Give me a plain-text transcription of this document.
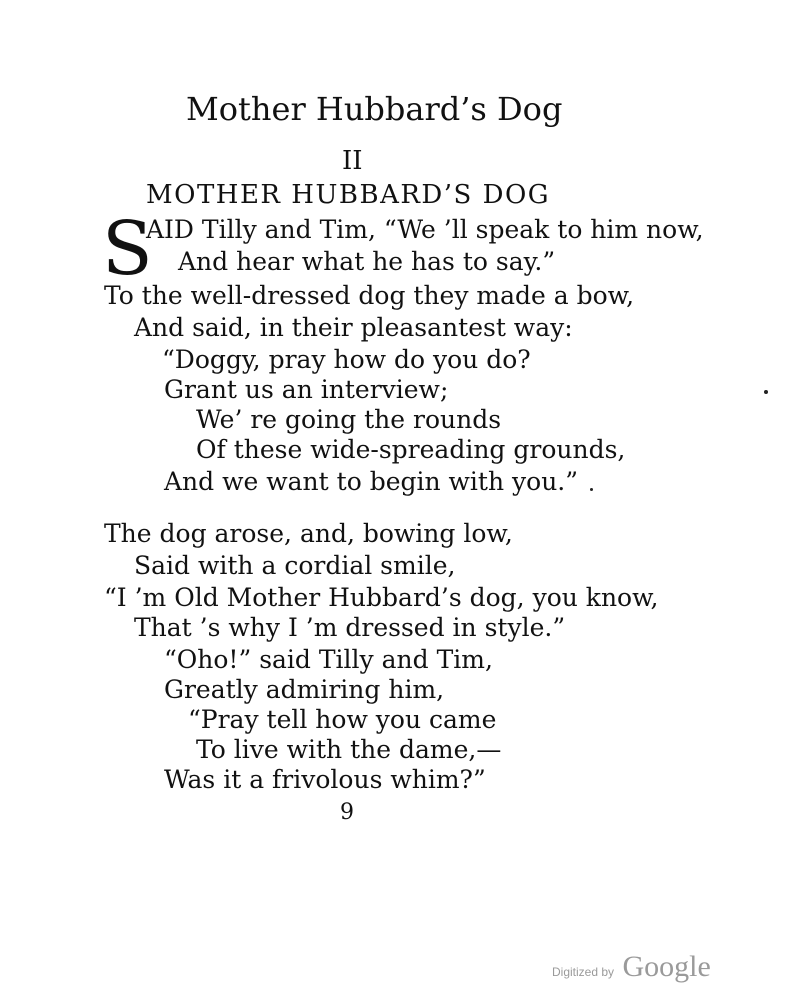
Mother Hubbard’s Dog
II
MOTHER HUBBARD’S DOG
S
AID Tilly and Tim, “We ’ll speak to him now,
And hear what he has to say.”
To the well-dressed dog they made a bow,
And said, in their pleasantest way:
“Doggy, pray how do you do?
Grant us an interview;
We’ re going the rounds
Of these wide-spreading grounds,
And we want to begin with you.”
The dog arose, and, bowing low,
Said with a cordial smile,
“I ’m Old Mother Hubbard’s dog, you know,
That ’s why I ’m dressed in style.”
“Oho!” said Tilly and Tim,
Greatly admiring him,
“Pray tell how you came
To live with the dame,—
Was it a frivolous whim?”
9
Digitized by Google
